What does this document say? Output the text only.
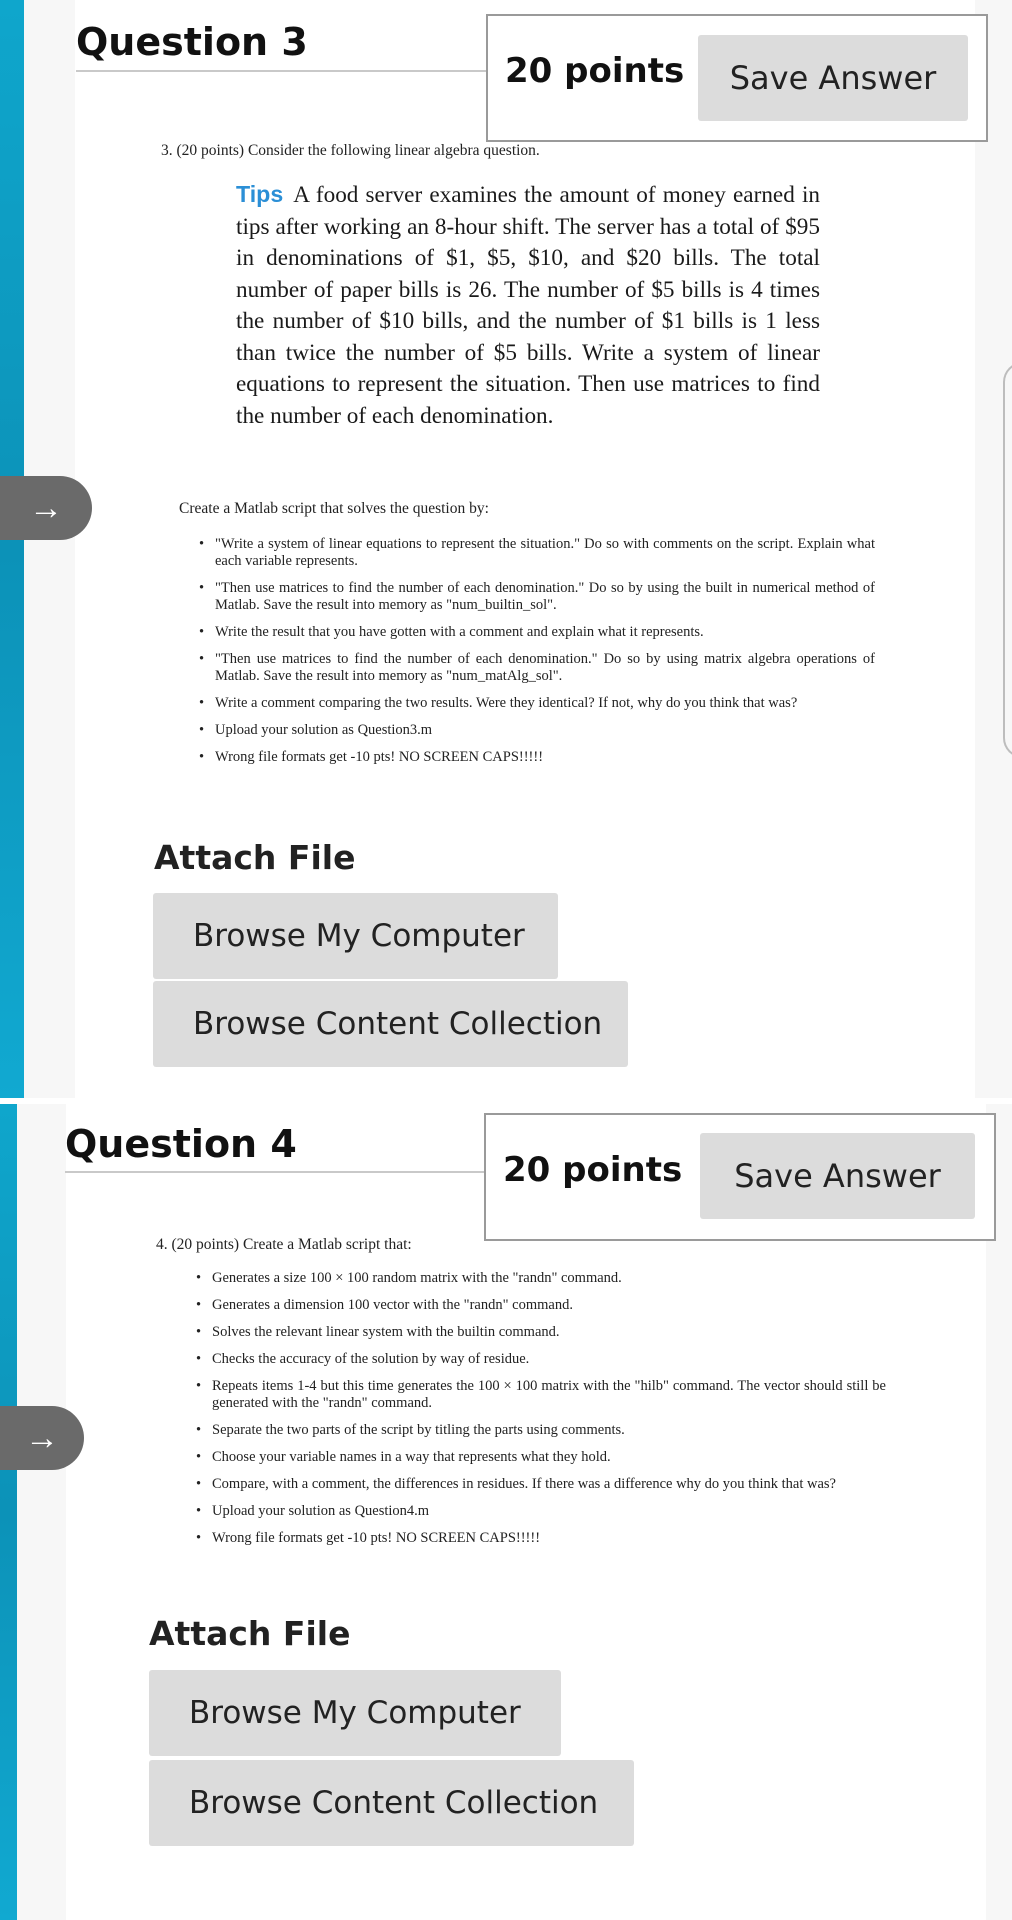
Question 3
20 points	Save Answer

3. (20 points) Consider the following linear algebra question.

Tips A food server examines the amount of money earned in tips after working an 8-hour shift. The server has a total of $95 in denominations of $1, $5, $10, and $20 bills. The total number of paper bills is 26. The number of $5 bills is 4 times the number of $10 bills, and the number of $1 bills is 1 less than twice the number of $5 bills. Write a system of linear equations to represent the situation. Then use matrices to find the number of each denomination.

→	Create a Matlab script that solves the question by:

• "Write a system of linear equations to represent the situation." Do so with comments on the script. Explain what each variable represents.
• "Then use matrices to find the number of each denomination." Do so by using the built in numerical method of Matlab. Save the result into memory as "num_builtin_sol".
• Write the result that you have gotten with a comment and explain what it represents.
• "Then use matrices to find the number of each denomination." Do so by using matrix algebra operations of Matlab. Save the result into memory as "num_matAlg_sol".
• Write a comment comparing the two results. Were they identical? If not, why do you think that was?
• Upload your solution as Question3.m
• Wrong file formats get -10 pts! NO SCREEN CAPS!!!!!
Attach File
Browse My Computer
Browse Content Collection
Question 4
20 points	Save Answer

4. (20 points) Create a Matlab script that:

→
• Generates a size 100 × 100 random matrix with the "randn" command.
• Generates a dimension 100 vector with the "randn" command.
• Solves the relevant linear system with the builtin command.
• Checks the accuracy of the solution by way of residue.
• Repeats items 1-4 but this time generates the 100 × 100 matrix with the "hilb" command. The vector should still be generated with the "randn" command.
• Separate the two parts of the script by titling the parts using comments.
• Choose your variable names in a way that represents what they hold.
• Compare, with a comment, the differences in residues. If there was a difference why do you think that was?
• Upload your solution as Question4.m
• Wrong file formats get -10 pts! NO SCREEN CAPS!!!!!
Attach File
Browse My Computer
Browse Content Collection
